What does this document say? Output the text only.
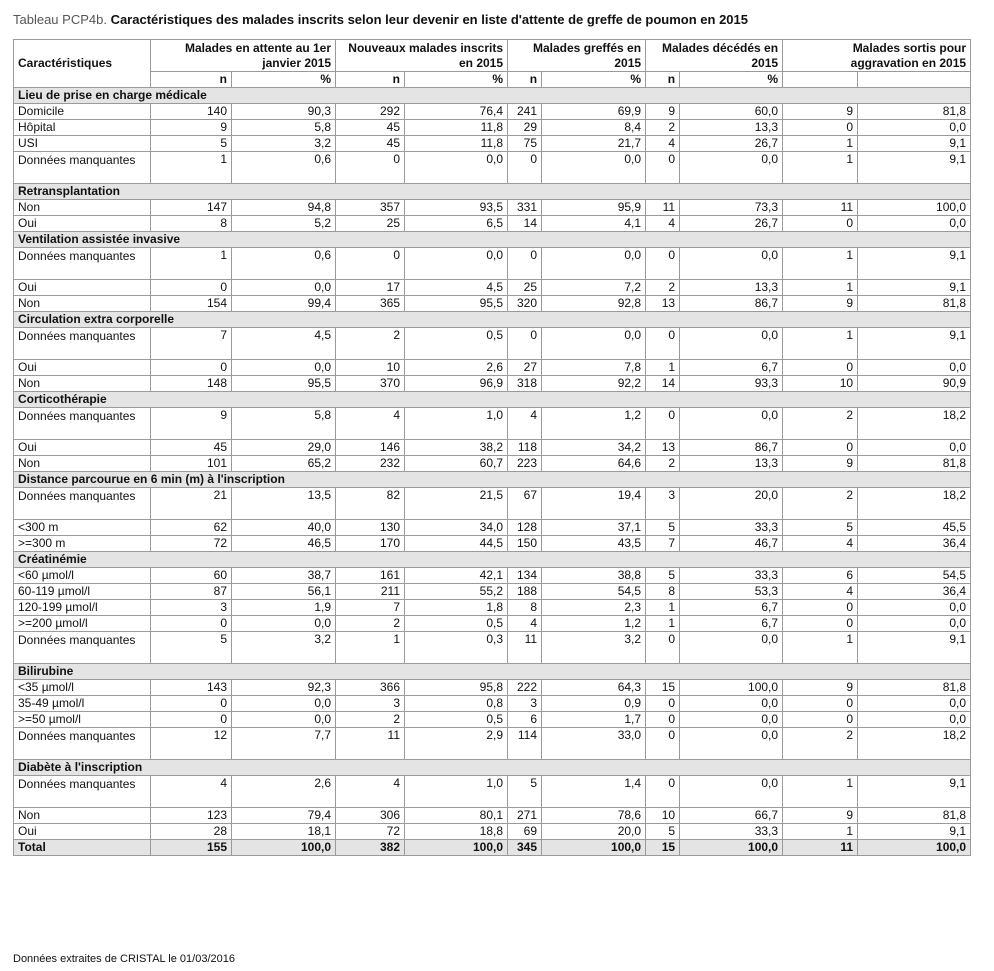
Tableau PCP4b. Caractéristiques des malades inscrits selon leur devenir en liste d'attente de greffe de poumon en 2015
Caractéristiques	Malades en attente au 1er janvier 2015		Nouveaux malades inscrits en 2015		Malades greffés en 2015		Malades décédés en 2015		Malades sortis pour aggravation en 2015	
	n	%	n	%	n	%	n	%		
Lieu de prise en charge médicale										
Domicile	140	90,3	292	76,4	241	69,9	9	60,0	9	81,8
Hôpital	9	5,8	45	11,8	29	8,4	2	13,3	0	0,0
USI	5	3,2	45	11,8	75	21,7	4	26,7	1	9,1
Données manquantes	1	0,6	0	0,0	0	0,0	0	0,0	1	9,1
Retransplantation										
Non	147	94,8	357	93,5	331	95,9	11	73,3	11	100,0
Oui	8	5,2	25	6,5	14	4,1	4	26,7	0	0,0
Ventilation assistée invasive										
Données manquantes	1	0,6	0	0,0	0	0,0	0	0,0	1	9,1
Oui	0	0,0	17	4,5	25	7,2	2	13,3	1	9,1
Non	154	99,4	365	95,5	320	92,8	13	86,7	9	81,8
Circulation extra corporelle										
Données manquantes	7	4,5	2	0,5	0	0,0	0	0,0	1	9,1
Oui	0	0,0	10	2,6	27	7,8	1	6,7	0	0,0
Non	148	95,5	370	96,9	318	92,2	14	93,3	10	90,9
Corticothérapie										
Données manquantes	9	5,8	4	1,0	4	1,2	0	0,0	2	18,2
Oui	45	29,0	146	38,2	118	34,2	13	86,7	0	0,0
Non	101	65,2	232	60,7	223	64,6	2	13,3	9	81,8
Distance parcourue en 6 min (m) à l'inscription										
Données manquantes	21	13,5	82	21,5	67	19,4	3	20,0	2	18,2
<300 m	62	40,0	130	34,0	128	37,1	5	33,3	5	45,5
>=300 m	72	46,5	170	44,5	150	43,5	7	46,7	4	36,4
Créatinémie										
<60 µmol/l	60	38,7	161	42,1	134	38,8	5	33,3	6	54,5
60-119 µmol/l	87	56,1	211	55,2	188	54,5	8	53,3	4	36,4
120-199 µmol/l	3	1,9	7	1,8	8	2,3	1	6,7	0	0,0
>=200 µmol/l	0	0,0	2	0,5	4	1,2	1	6,7	0	0,0
Données manquantes	5	3,2	1	0,3	11	3,2	0	0,0	1	9,1
Bilirubine										
<35 µmol/l	143	92,3	366	95,8	222	64,3	15	100,0	9	81,8
35-49 µmol/l	0	0,0	3	0,8	3	0,9	0	0,0	0	0,0
>=50 µmol/l	0	0,0	2	0,5	6	1,7	0	0,0	0	0,0
Données manquantes	12	7,7	11	2,9	114	33,0	0	0,0	2	18,2
Diabète à l'inscription										
Données manquantes	4	2,6	4	1,0	5	1,4	0	0,0	1	9,1
Non	123	79,4	306	80,1	271	78,6	10	66,7	9	81,8
Oui	28	18,1	72	18,8	69	20,0	5	33,3	1	9,1
Total	155	100,0	382	100,0	345	100,0	15	100,0	11	100,0
Données extraites de CRISTAL le 01/03/2016
